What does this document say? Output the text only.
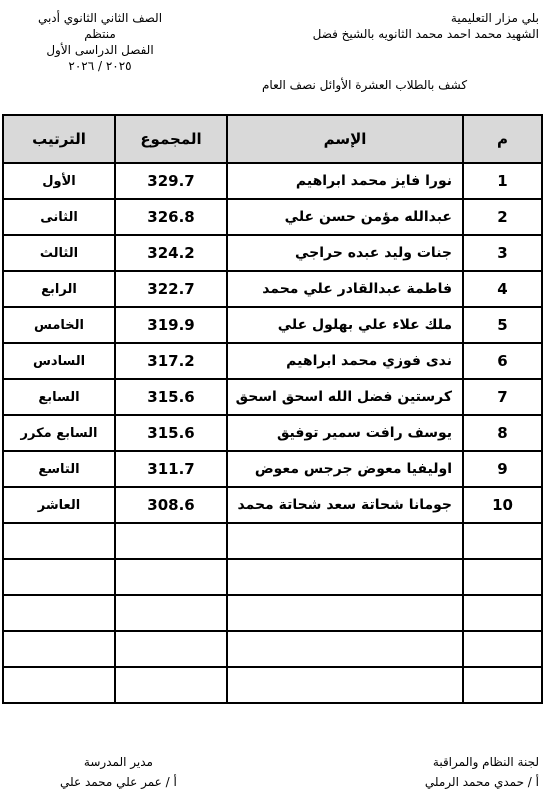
بلي مزار التعليمية
الشهيد محمد احمد محمد الثانويه بالشيخ فضل
الصف الثاني الثانوي أدبي
منتظم
الفصل الدراسى الأول
٢٠٢٥ / ٢٠٢٦
كشف بالطلاب العشرة الأوائل نصف العام
الترتيب	المجموع	الإسم	م
الأول	329.7	نورا فايز محمد ابراهيم	1
الثانى	326.8	عبدالله مؤمن حسن علي	2
الثالث	324.2	جنات وليد عبده حراجي	3
الرابع	322.7	فاطمة عبدالقادر علي محمد	4
الخامس	319.9	ملك علاء علي بهلول علي	5
السادس	317.2	ندى فوزي محمد ابراهيم	6
السابع	315.6	كرستين فضل الله اسحق اسحق	7
السابع مكرر	315.6	يوسف رافت سمير توفيق	8
التاسع	311.7	اوليفيا معوض جرجس معوض	9
العاشر	308.6	جومانا شحاتة سعد شحاتة محمد	10

لجنة النظام والمراقبة
أ / حمدي محمد الرملي
مدير المدرسة
أ / عمر علي محمد علي
